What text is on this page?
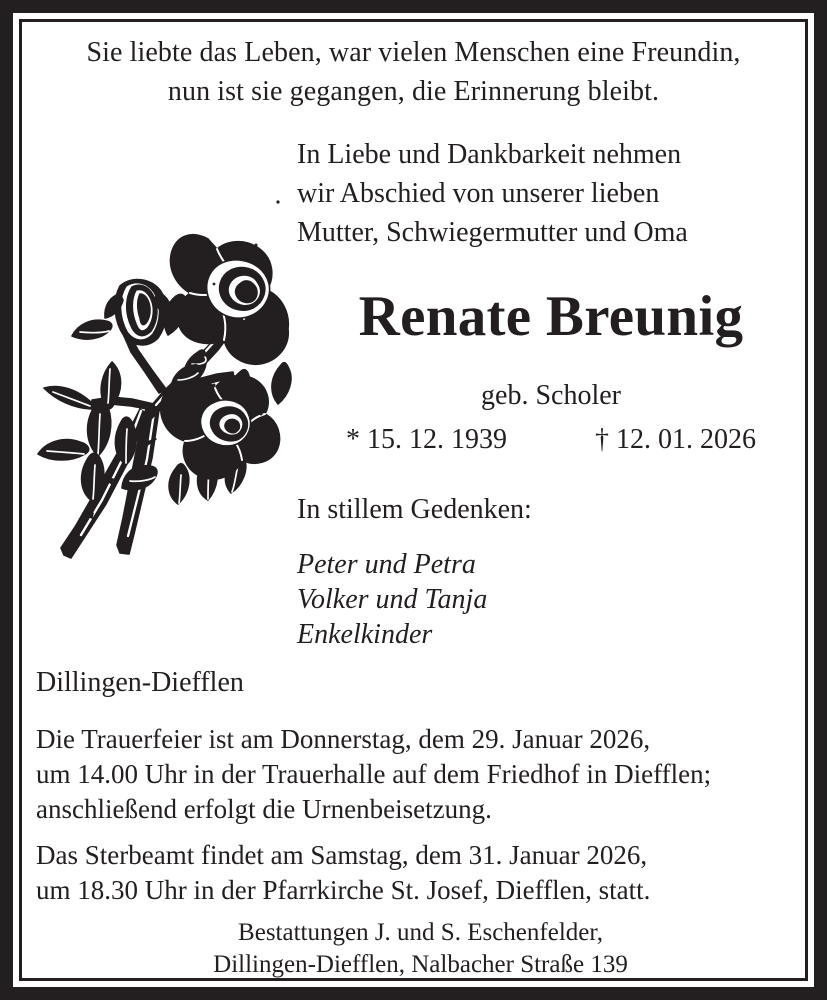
Sie liebte das Leben, war vielen Menschen eine Freundin,
nun ist sie gegangen, die Erinnerung bleibt.
In Liebe und Dankbarkeit nehmen
wir Abschied von unserer lieben
Mutter, Schwiegermutter und Oma
Renate Breunig
geb. Scholer
* 15. 12. 1939	† 12. 01. 2026
In stillem Gedenken:
Peter und Petra
Volker und Tanja
Enkelkinder
Dillingen-Diefflen
Die Trauerfeier ist am Donnerstag, dem 29. Januar 2026,
um 14.00 Uhr in der Trauerhalle auf dem Friedhof in Diefflen;
anschließend erfolgt die Urnenbeisetzung.
Das Sterbeamt findet am Samstag, dem 31. Januar 2026,
um 18.30 Uhr in der Pfarrkirche St. Josef, Diefflen, statt.
Bestattungen J. und S. Eschenfelder,
Dillingen-Diefflen, Nalbacher Straße 139
